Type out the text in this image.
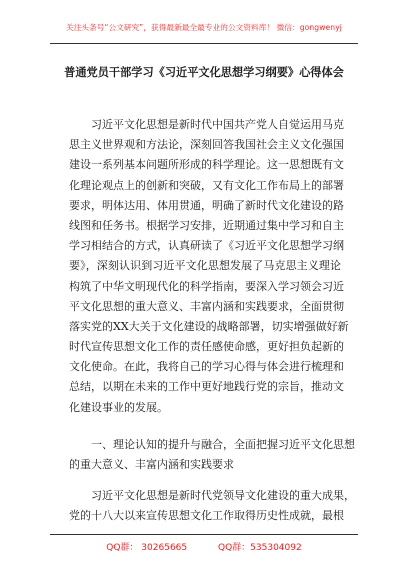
关注头条号“公文研究”，获得最新最全最专业的公文资料库！ 微信：gongwenyj
普通党员干部学习《习近平文化思想学习纲要》心得体会
习近平文化思想是新时代中国共产党人自觉运用马克
思主义世界观和方法论，深刻回答我国社会主义文化强国
建设一系列基本问题所形成的科学理论。这一思想既有文
化理论观点上的创新和突破，又有文化工作布局上的部署
要求，明体达用、体用贯通，明确了新时代文化建设的路
线图和任务书。根据学习安排，近期通过集中学习和自主
学习相结合的方式，认真研读了《习近平文化思想学习纲
要》，深刻认识到习近平文化思想发展了马克思主义理论
构筑了中华文明现代化的科学指南，要深入学习领会习近
平文化思想的重大意义、丰富内涵和实践要求，全面贯彻
落实党的XX大关于文化建设的战略部署，切实增强做好新
时代宣传思想文化工作的责任感使命感，更好担负起新的
文化使命。在此，我将自己的学习心得与体会进行梳理和
总结，以期在未来的工作中更好地践行党的宗旨，推动文
化建设事业的发展。
一、理论认知的提升与融合，全面把握习近平文化思想
的重大意义、丰富内涵和实践要求
习近平文化思想是新时代党领导文化建设的重大成果，
党的十八大以来宣传思想文化工作取得历史性成就，最根
QQ群： 30265665	QQ群：535304092
